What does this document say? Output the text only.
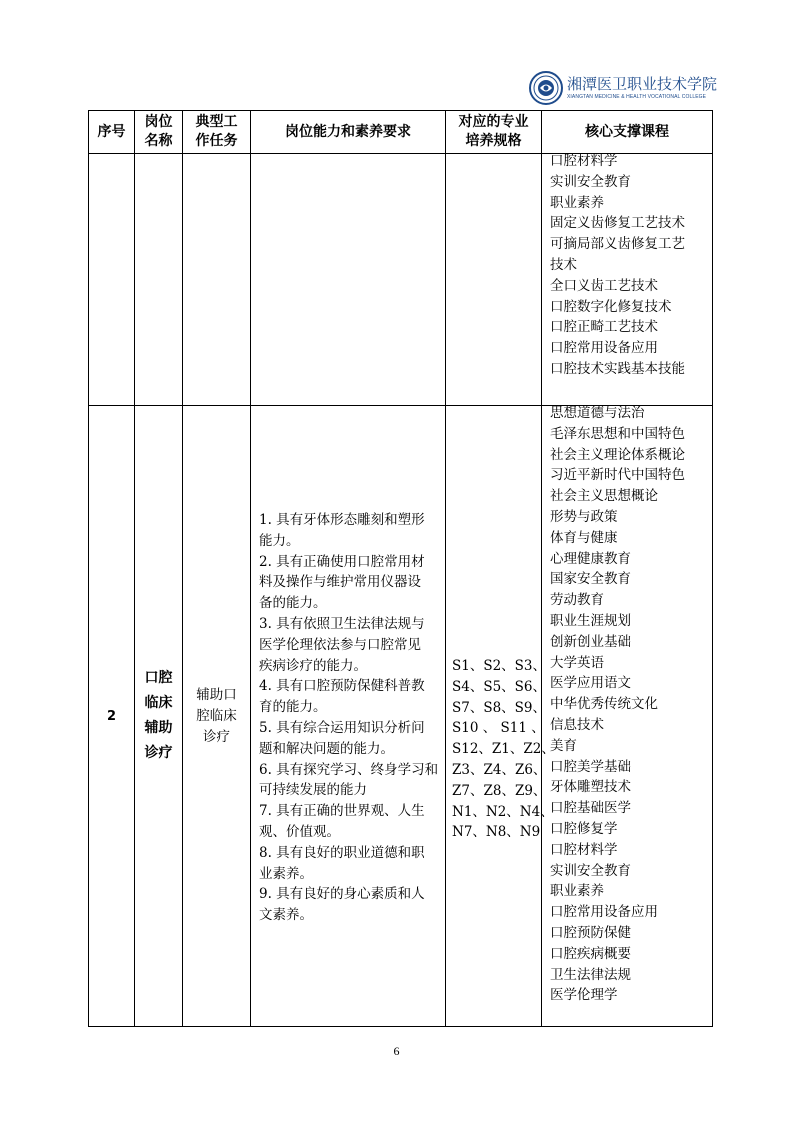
湘潭医卫职业技术学院
XIANGTAN MEDICINE & HEALTH VOCATIONAL COLLEGE
序号
岗位
名称
典型工
作任务
岗位能力和素养要求
对应的专业
培养规格
核心支撑课程
口腔材料学
实训安全教育
职业素养
固定义齿修复工艺技术
可摘局部义齿修复工艺
技术
全口义齿工艺技术
口腔数字化修复技术
口腔正畸工艺技术
口腔常用设备应用
口腔技术实践基本技能
2
口腔
临床
辅助
诊疗
辅助口
腔临床
诊疗
1. 具有牙体形态雕刻和塑形
能力。
2. 具有正确使用口腔常用材
料及操作与维护常用仪器设
备的能力。
3. 具有依照卫生法律法规与
医学伦理依法参与口腔常见
疾病诊疗的能力。
4. 具有口腔预防保健科普教
育的能力。
5. 具有综合运用知识分析问
题和解决问题的能力。
6. 具有探究学习、终身学习和
可持续发展的能力
7. 具有正确的世界观、人生
观、价值观。
8. 具有良好的职业道德和职
业素养。
9. 具有良好的身心素质和人
文素养。
S1、S2、S3、
S4、S5、S6、
S7、S8、S9、
S10 、 S11 、
S12、Z1、Z2、
Z3、Z4、Z6、
Z7、Z8、Z9、
N1、N2、N4、
N7、N8、N9
思想道德与法治
毛泽东思想和中国特色
社会主义理论体系概论
习近平新时代中国特色
社会主义思想概论
形势与政策
体育与健康
心理健康教育
国家安全教育
劳动教育
职业生涯规划
创新创业基础
大学英语
医学应用语文
中华优秀传统文化
信息技术
美育
口腔美学基础
牙体雕塑技术
口腔基础医学
口腔修复学
口腔材料学
实训安全教育
职业素养
口腔常用设备应用
口腔预防保健
口腔疾病概要
卫生法律法规
医学伦理学
6
